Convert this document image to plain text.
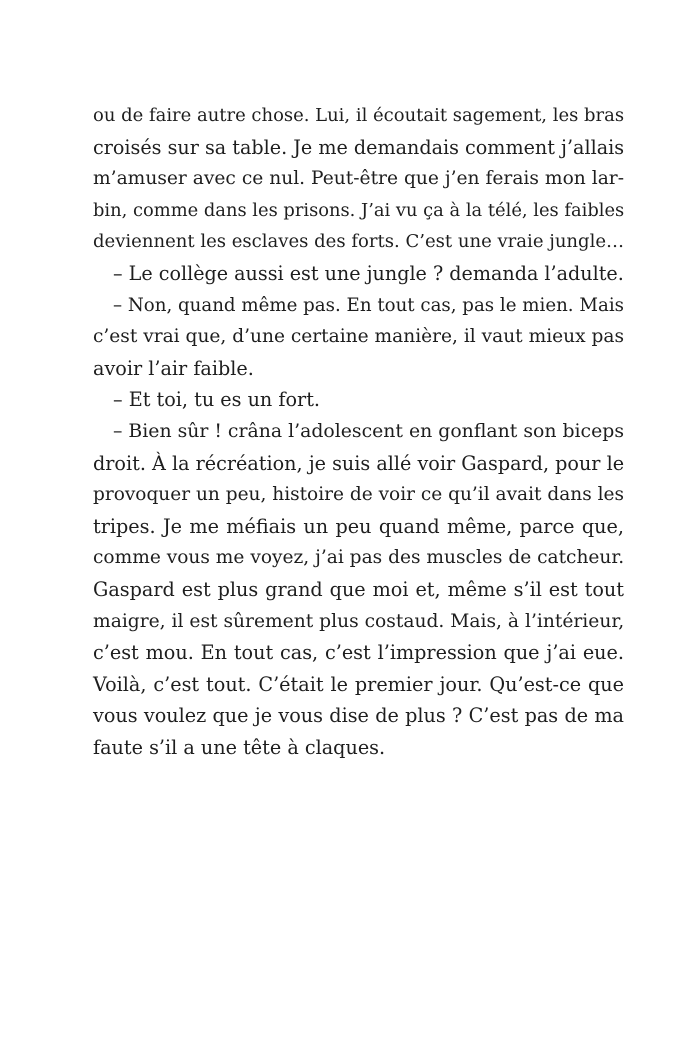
ou de faire autre chose. Lui, il écoutait sagement, les bras
croisés sur sa table. Je me demandais comment j’allais
m’amuser avec ce nul. Peut-être que j’en ferais mon lar-
bin, comme dans les prisons. J’ai vu ça à la télé, les faibles
deviennent les esclaves des forts. C’est une vraie jungle…
– Le collège aussi est une jungle ? demanda l’adulte.
– Non, quand même pas. En tout cas, pas le mien. Mais
c’est vrai que, d’une certaine manière, il vaut mieux pas
avoir l’air faible.
– Et toi, tu es un fort.
– Bien sûr ! crâna l’adolescent en gonflant son biceps
droit. À la récréation, je suis allé voir Gaspard, pour le
provoquer un peu, histoire de voir ce qu’il avait dans les
tripes. Je me méfiais un peu quand même, parce que,
comme vous me voyez, j’ai pas des muscles de catcheur.
Gaspard est plus grand que moi et, même s’il est tout
maigre, il est sûrement plus costaud. Mais, à l’intérieur,
c’est mou. En tout cas, c’est l’impression que j’ai eue.
Voilà, c’est tout. C’était le premier jour. Qu’est-ce que
vous voulez que je vous dise de plus ? C’est pas de ma
faute s’il a une tête à claques.
